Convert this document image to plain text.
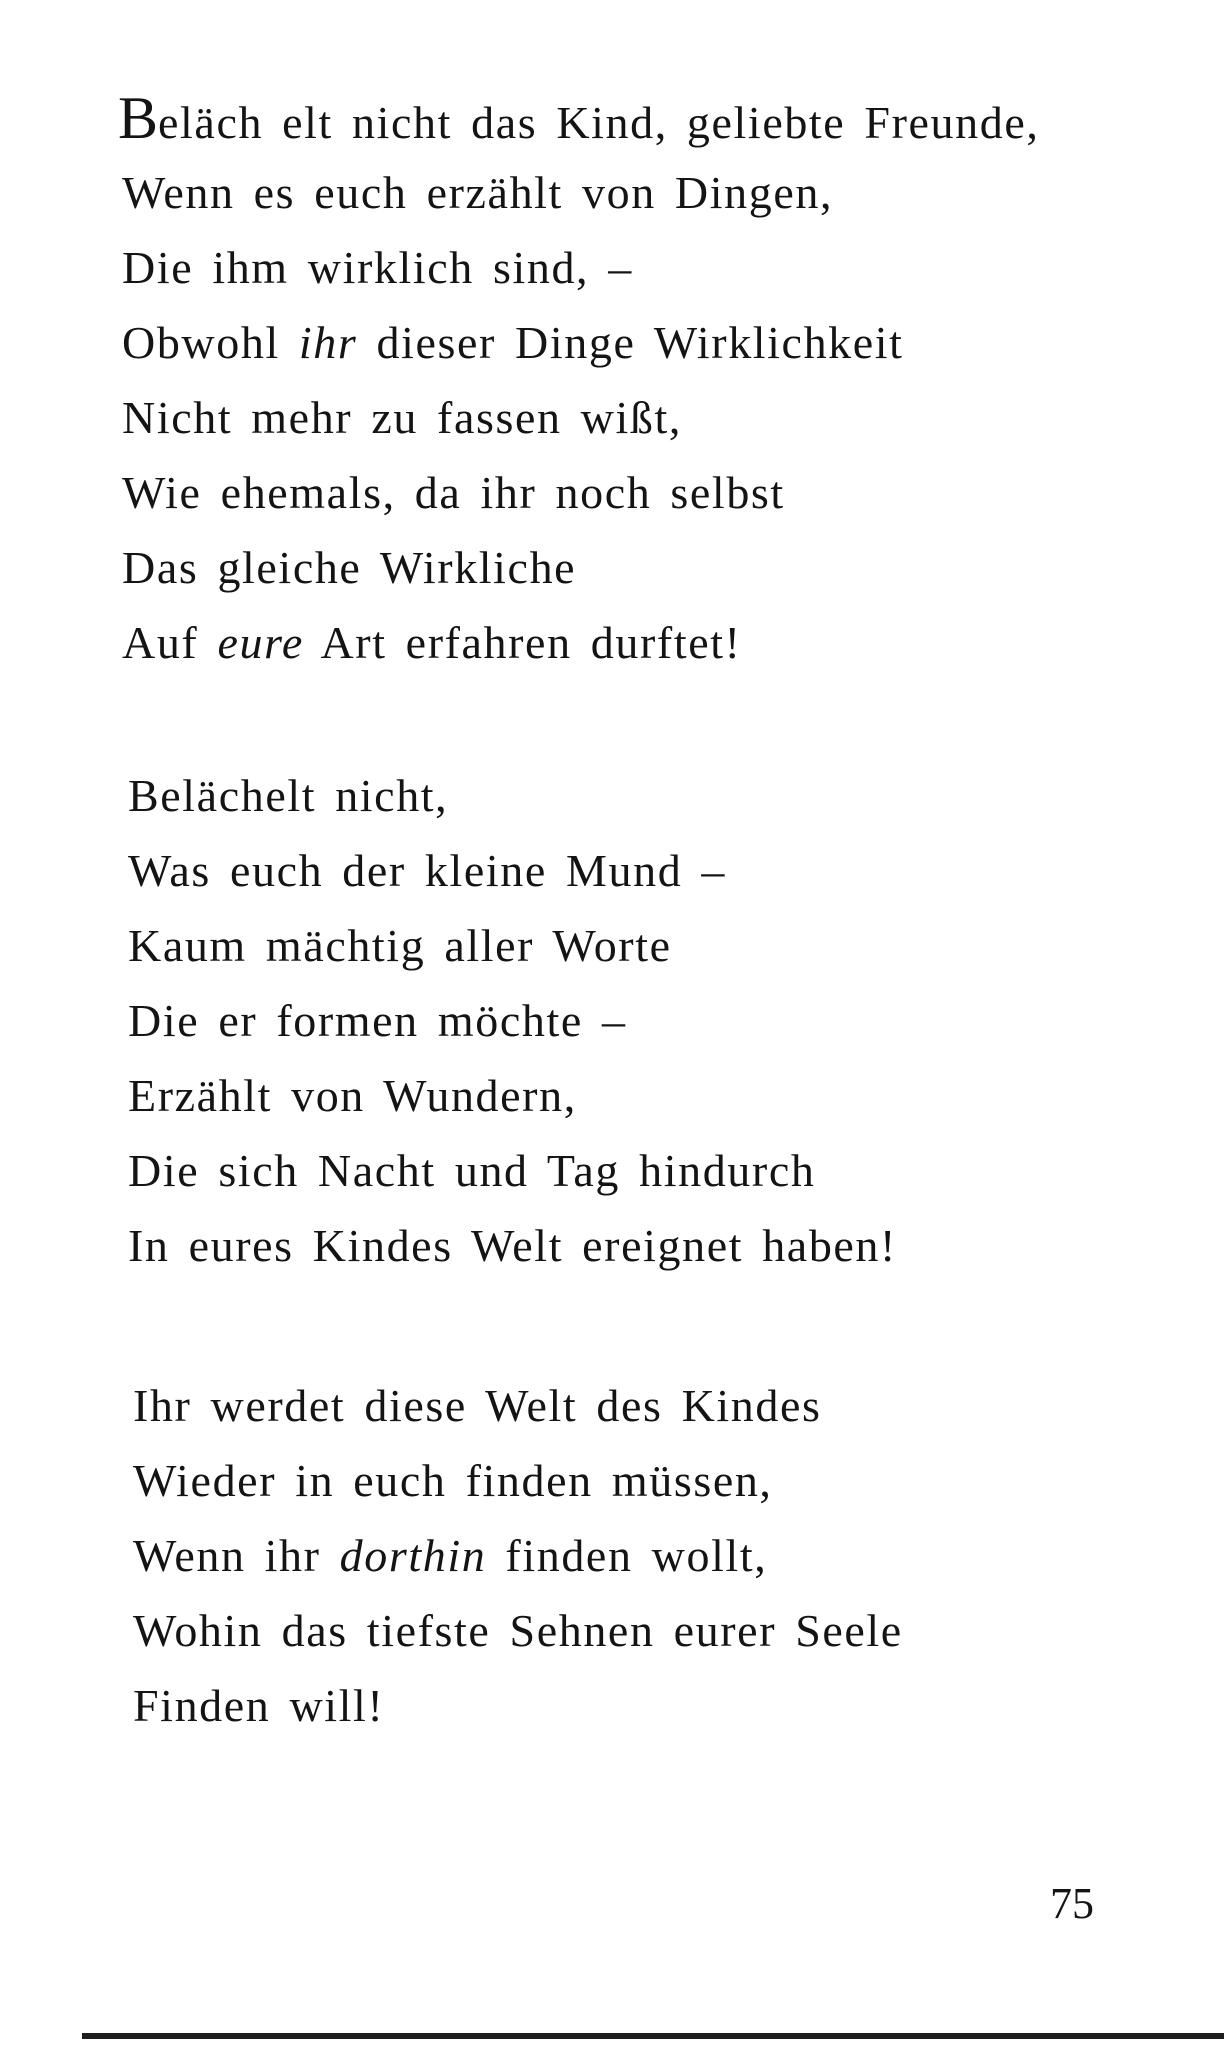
Beläch elt nicht das Kind, geliebte Freunde,

Wenn es euch erzählt von Dingen,

Die ihm wirklich sind, –

Obwohl ihr dieser Dinge Wirklichkeit

Nicht mehr zu fassen wißt,

Wie ehemals, da ihr noch selbst

Das gleiche Wirkliche

Auf eure Art erfahren durftet!

Belächelt nicht,

Was euch der kleine Mund –

Kaum mächtig aller Worte

Die er formen möchte –

Erzählt von Wundern,

Die sich Nacht und Tag hindurch

In eures Kindes Welt ereignet haben!

Ihr werdet diese Welt des Kindes

Wieder in euch finden müssen,

Wenn ihr dorthin finden wollt,

Wohin das tiefste Sehnen eurer Seele

Finden will!

75
